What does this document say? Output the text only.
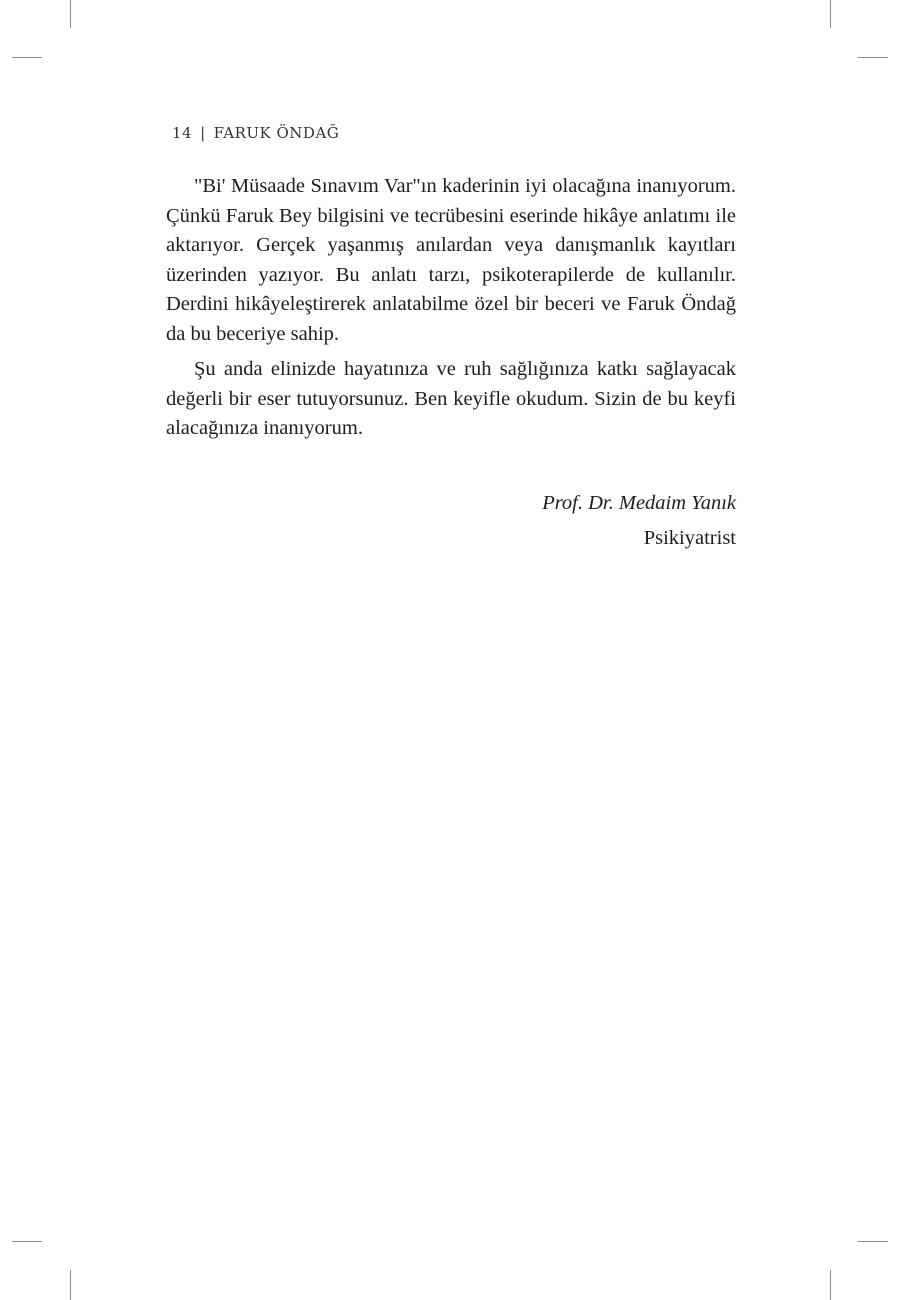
14 | FARUK ÖNDAĞ

"Bi' Müsaade Sınavım Var"ın kaderinin iyi olacağına inanıyorum. Çünkü Faruk Bey bilgisini ve tecrübesini eserinde hikâye anlatımı ile aktarıyor. Gerçek yaşanmış anılardan veya danışmanlık kayıtları üzerinden yazıyor. Bu anlatı tarzı, psikoterapilerde de kullanılır. Derdini hikâyeleştirerek anlatabilme özel bir beceri ve Faruk Öndağ da bu beceriye sahip.

Şu anda elinizde hayatınıza ve ruh sağlığınıza katkı sağlayacak değerli bir eser tutuyorsunuz. Ben keyifle okudum. Sizin de bu keyfi alacağınıza inanıyorum.

Prof. Dr. Medaim Yanık
Psikiyatrist
